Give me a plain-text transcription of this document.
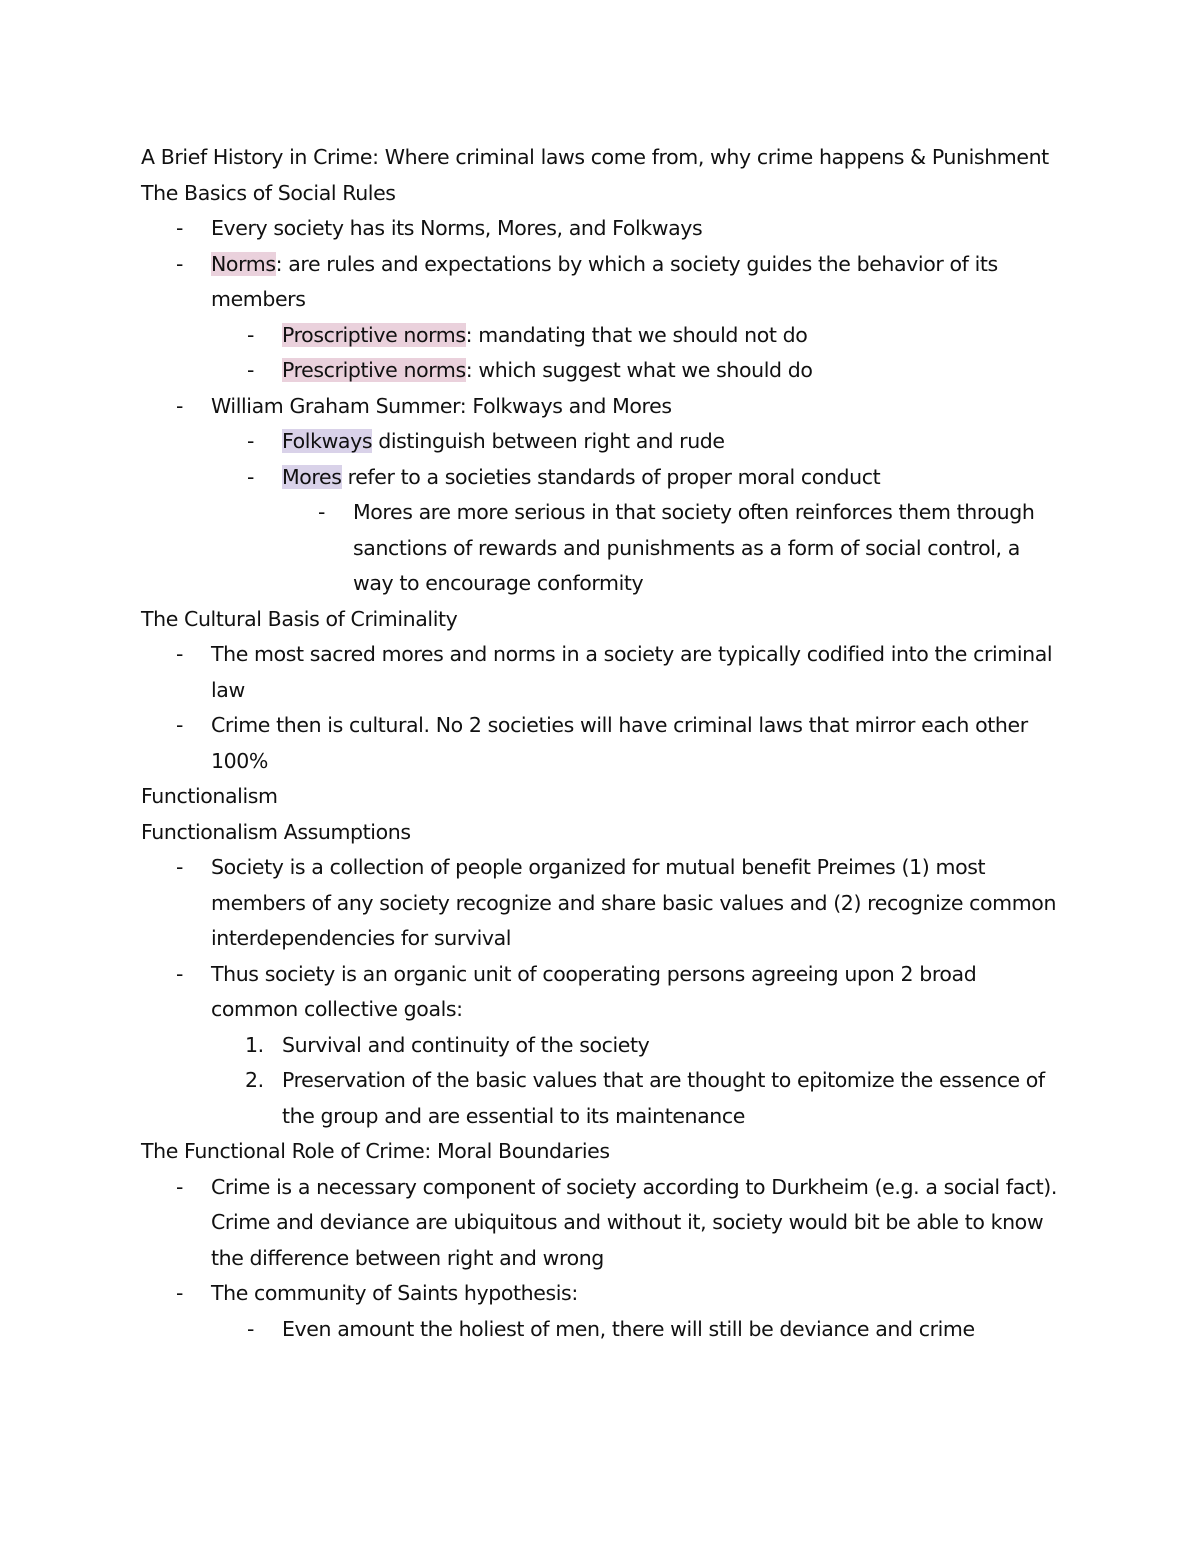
A Brief History in Crime: Where criminal laws come from, why crime happens & Punishment
The Basics of Social Rules
- Every society has its Norms, Mores, and Folkways
- Norms: are rules and expectations by which a society guides the behavior of its
members
- Proscriptive norms: mandating that we should not do
- Prescriptive norms: which suggest what we should do
- William Graham Summer: Folkways and Mores
- Folkways distinguish between right and rude
- Mores refer to a societies standards of proper moral conduct
- Mores are more serious in that society often reinforces them through
sanctions of rewards and punishments as a form of social control, a
way to encourage conformity
The Cultural Basis of Criminality
- The most sacred mores and norms in a society are typically codified into the criminal
law
- Crime then is cultural. No 2 societies will have criminal laws that mirror each other
100%
Functionalism
Functionalism Assumptions
- Society is a collection of people organized for mutual benefit Preimes (1) most
members of any society recognize and share basic values and (2) recognize common
interdependencies for survival
- Thus society is an organic unit of cooperating persons agreeing upon 2 broad
common collective goals:
1. Survival and continuity of the society
2. Preservation of the basic values that are thought to epitomize the essence of
the group and are essential to its maintenance
The Functional Role of Crime: Moral Boundaries
- Crime is a necessary component of society according to Durkheim (e.g. a social fact).
Crime and deviance are ubiquitous and without it, society would bit be able to know
the difference between right and wrong
- The community of Saints hypothesis:
- Even amount the holiest of men, there will still be deviance and crime
